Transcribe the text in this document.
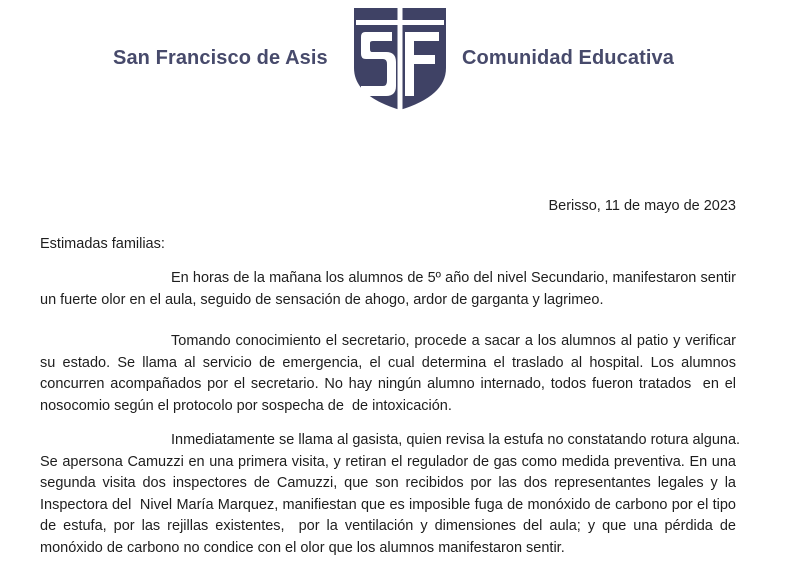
San Francisco de Asis	Comunidad Educativa
Berisso, 11 de mayo de 2023
Estimadas familias:
En horas de la mañana los alumnos de 5º año del nivel Secundario, manifestaron sentir
un fuerte olor en el aula, seguido de sensación de ahogo, ardor de garganta y lagrimeo.
Tomando conocimiento el secretario, procede a sacar a los alumnos al patio y verificar
su estado. Se llama al servicio de emergencia, el cual determina el traslado al hospital. Los alumnos
concurren acompañados por el secretario. No hay ningún alumno internado, todos fueron tratados  en el
nosocomio según el protocolo por sospecha de  de intoxicación.
Inmediatamente se llama al gasista, quien revisa la estufa no constatando rotura alguna.
Se apersona Camuzzi en una primera visita, y retiran el regulador de gas como medida preventiva. En una
segunda visita dos inspectores de Camuzzi, que son recibidos por las dos representantes legales y la
Inspectora del  Nivel María Marquez, manifiestan que es imposible fuga de monóxido de carbono por el tipo
de estufa, por las rejillas existentes,  por la ventilación y dimensiones del aula; y que una pérdida de
monóxido de carbono no condice con el olor que los alumnos manifestaron sentir.
